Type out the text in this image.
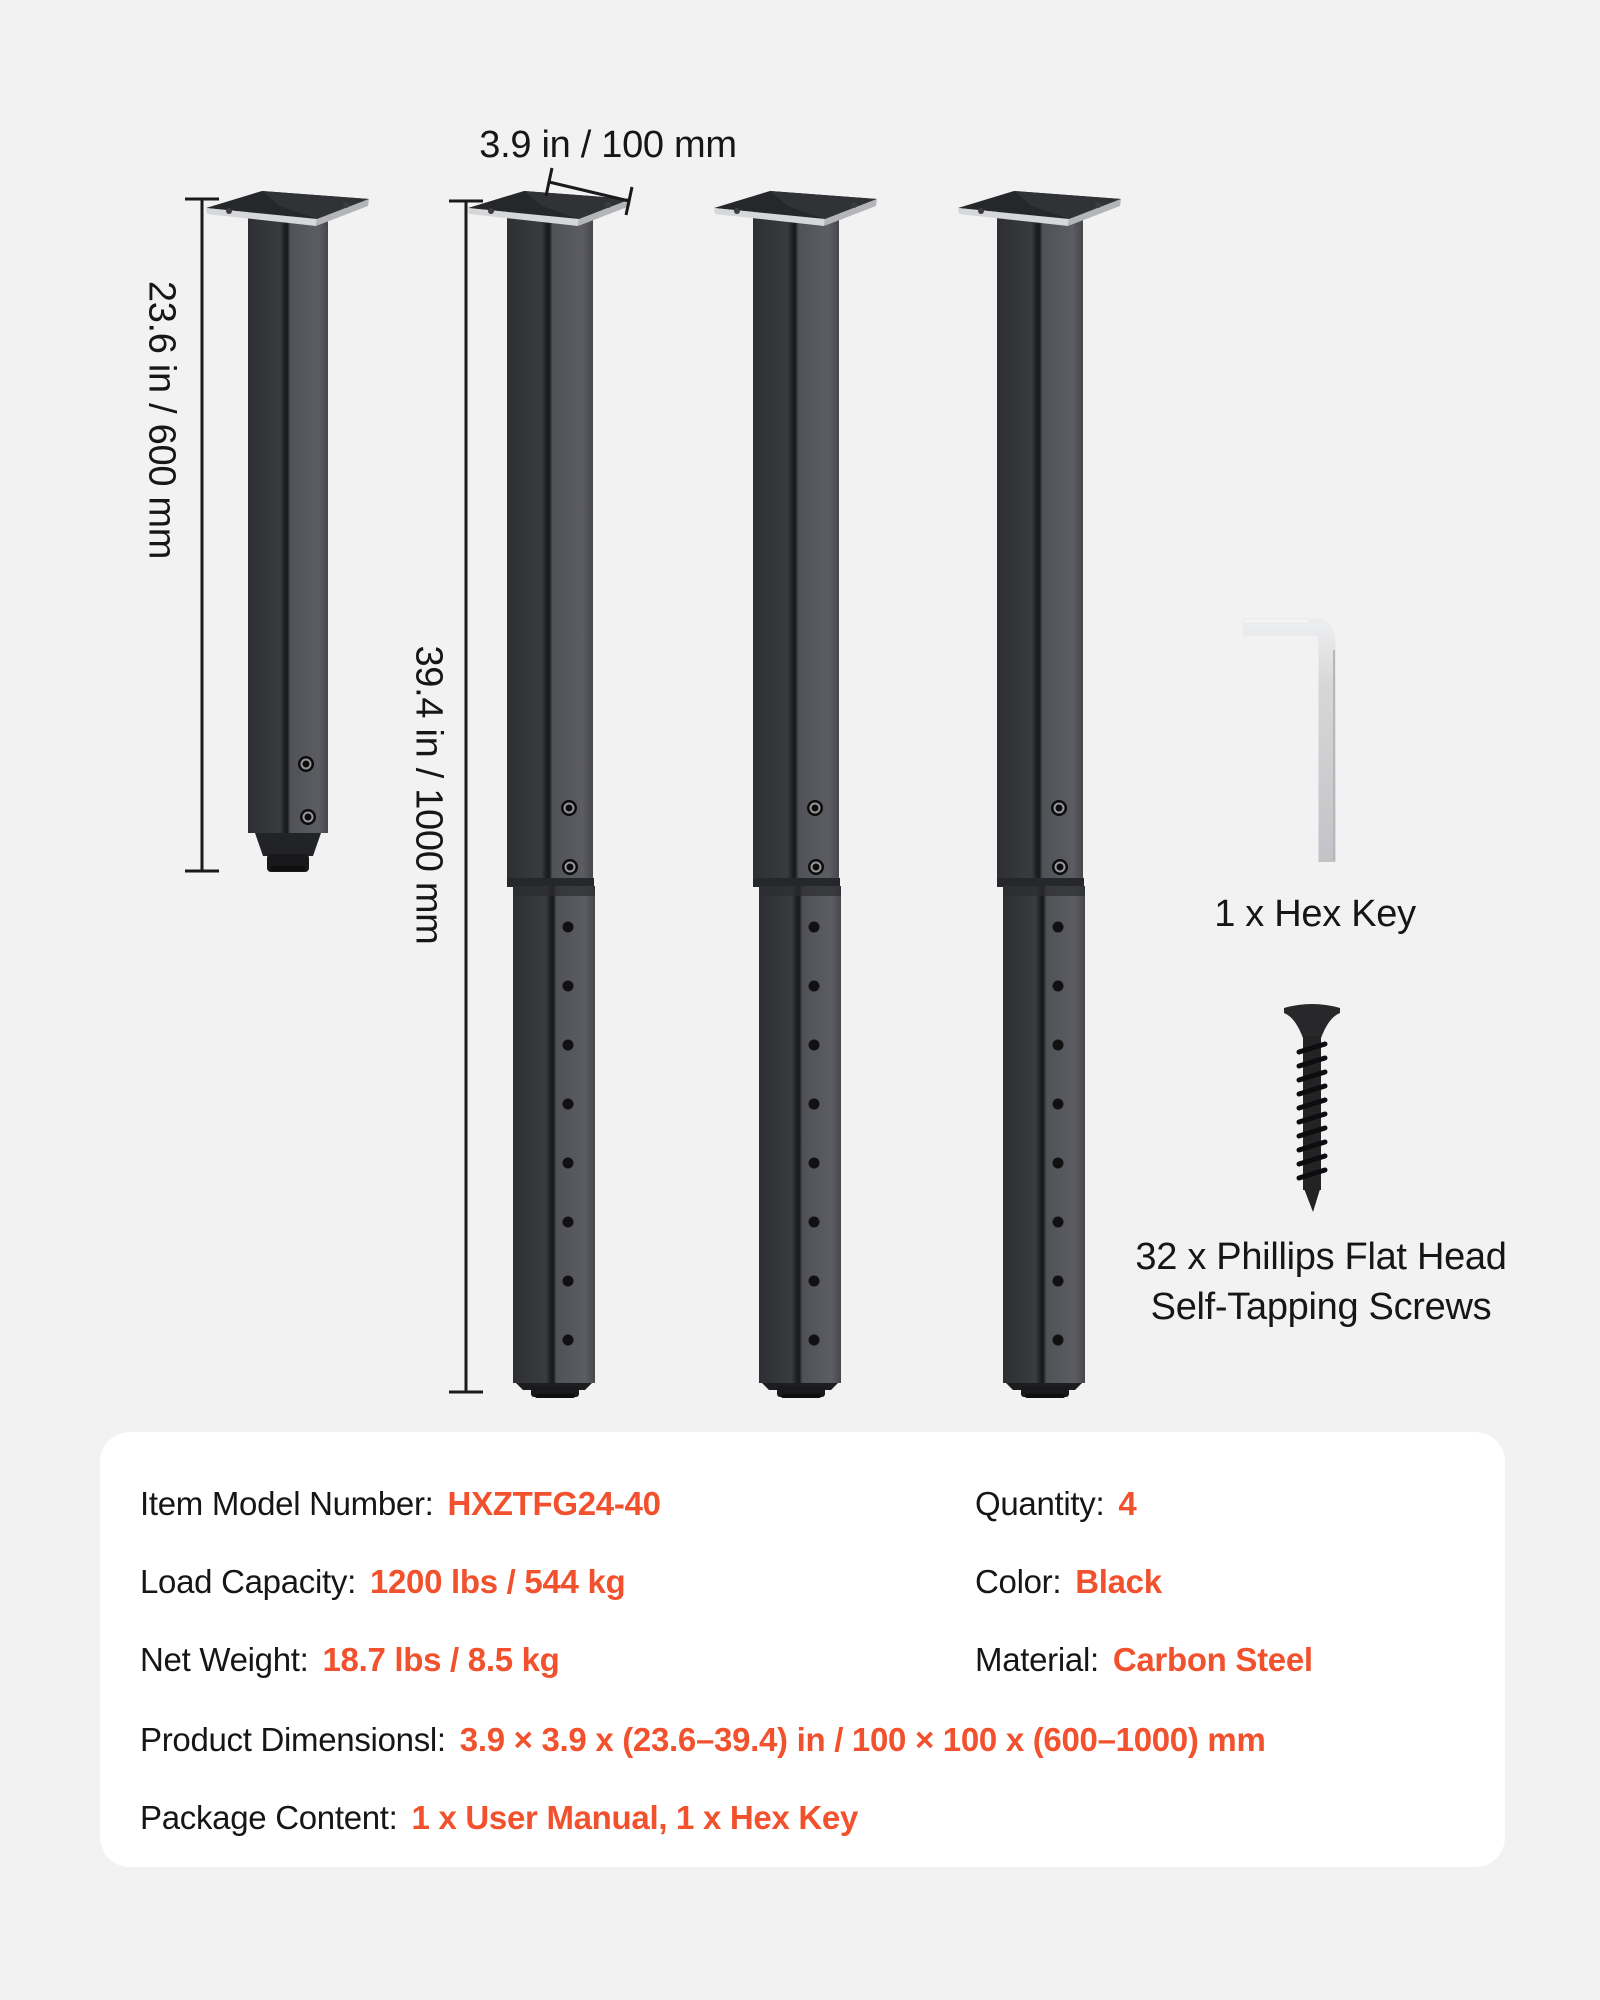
3.9 in / 100 mm
23.6 in / 600 mm
39.4 in / 1000 mm	1 x Hex Key
32 x Phillips Flat Head
Self-Tapping Screws
Item Model Number: HXZTFG24-40
Load Capacity: 1200 lbs / 544 kg
Net Weight: 18.7 lbs / 8.5 kg
Product Dimensionsl: 3.9 × 3.9 x (23.6–39.4) in / 100 × 100 x (600–1000) mm
Package Content: 1 x User Manual, 1 x Hex Key
Quantity: 4
Color: Black
Material: Carbon Steel
